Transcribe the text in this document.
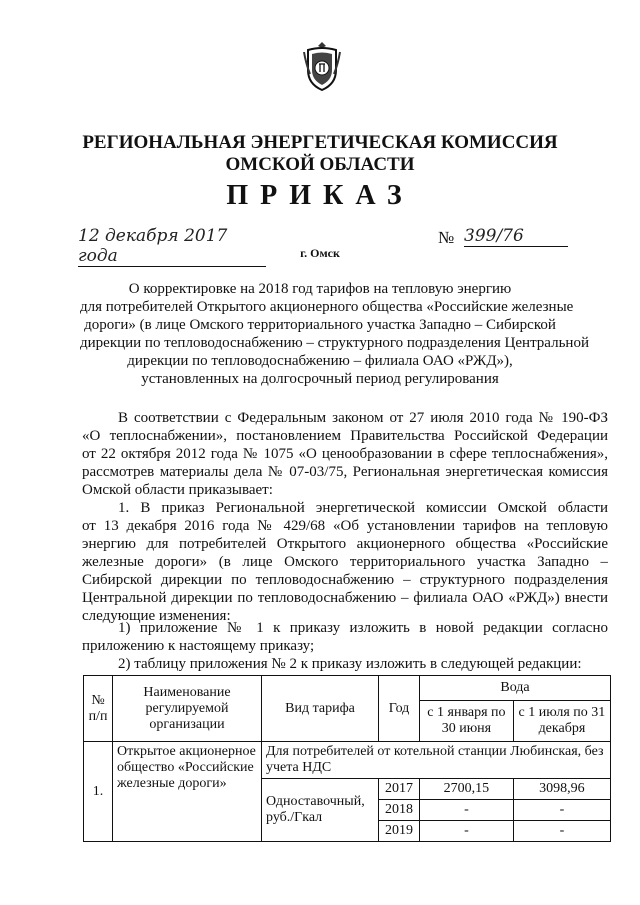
РЕГИОНАЛЬНАЯ ЭНЕРГЕТИЧЕСКАЯ КОМИССИЯ
ОМСКОЙ ОБЛАСТИ
ПРИКАЗ
12 декабря 2017 года
№ 399/76
г. Омск
О корректировке на 2018 год тарифов на тепловую энергию
для потребителей Открытого акционерного общества «Российские железные
дороги» (в лице Омского территориального участка Западно – Сибирской
дирекции по тепловодоснабжению – структурного подразделения Центральной
дирекции по тепловодоснабжению – филиала ОАО «РЖД»),
установленных на долгосрочный период регулирования
В соответствии с Федеральным законом от 27 июля 2010 года № 190-ФЗ
«О теплоснабжении», постановлением Правительства Российской Федерации
от 22 октября 2012 года № 1075 «О ценообразовании в сфере теплоснабжения»,
рассмотрев материалы дела № 07-03/75, Региональная энергетическая комиссия
Омской области приказывает:
1. В приказ Региональной энергетической комиссии Омской области
от 13 декабря 2016 года № 429/68 «Об установлении тарифов на тепловую
энергию для потребителей Открытого акционерного общества «Российские
железные дороги» (в лице Омского территориального участка Западно –
Сибирской дирекции по тепловодоснабжению – структурного подразделения
Центральной дирекции по тепловодоснабжению – филиала ОАО «РЖД») внести
следующие изменения:
1) приложение № 1 к приказу изложить в новой редакции согласно
приложению к настоящему приказу;
2) таблицу приложения № 2 к приказу изложить в следующей редакции:
№ п/п	Наименование регулируемой организации	Вид тарифа	Год	Вода	
				с 1 января по 30 июня	с 1 июля по 31 декабря
1.	Открытое акционерное общество «Российские железные дороги»	Для потребителей от котельной станции Любинская, без учета НДС			
		Одноставочный, руб./Гкал	2017	2700,15	3098,96
			2018	-	-
			2019	-	-
